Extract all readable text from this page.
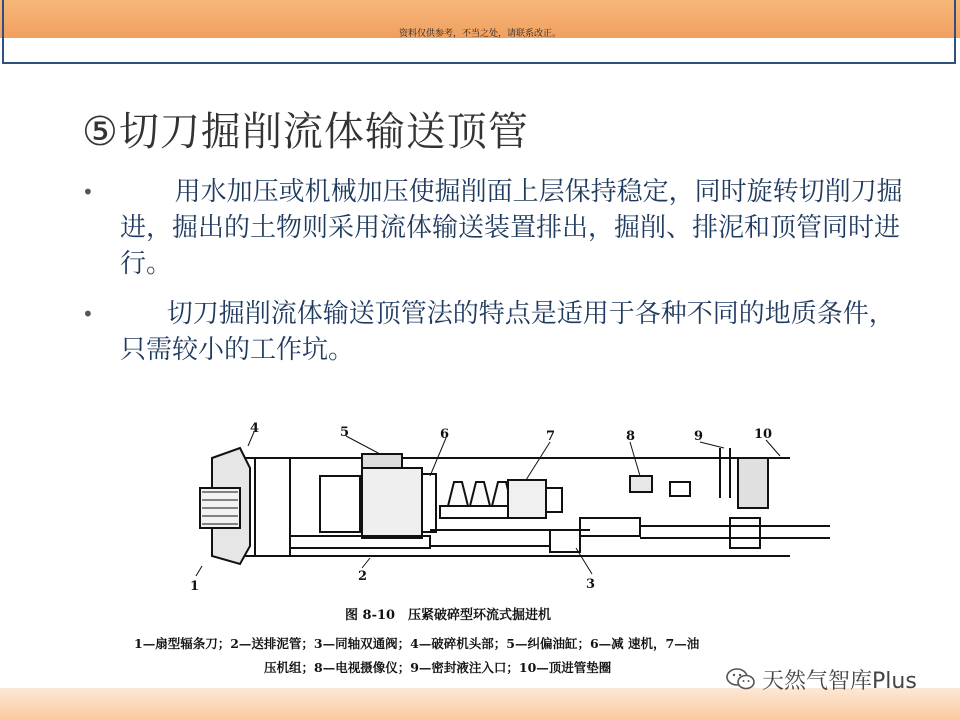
资料仅供参考，不当之处，请联系改正。
⑤切刀掘削流体输送顶管
•	用水加压或机械加压使掘削面上层保持稳定，同时旋转切削刀掘进，掘出的土物则采用流体输送装置排出，掘削、排泥和顶管同时进行。
•	切刀掘削流体输送顶管法的特点是适用于各种不同的地质条件，只需较小的工作坑。
1
2
3
4	5	6	7	8	9	10
图 8-10　压紧破碎型环流式掘进机
1—扇型辐条刀；2—送排泥管；3—同轴双通阀；4—破碎机头部；5—纠偏油缸；6—减 速机，7—油
压机组；8—电视摄像仪；9—密封液注入口；10—顶进管垫圈
天然气智库Plus
